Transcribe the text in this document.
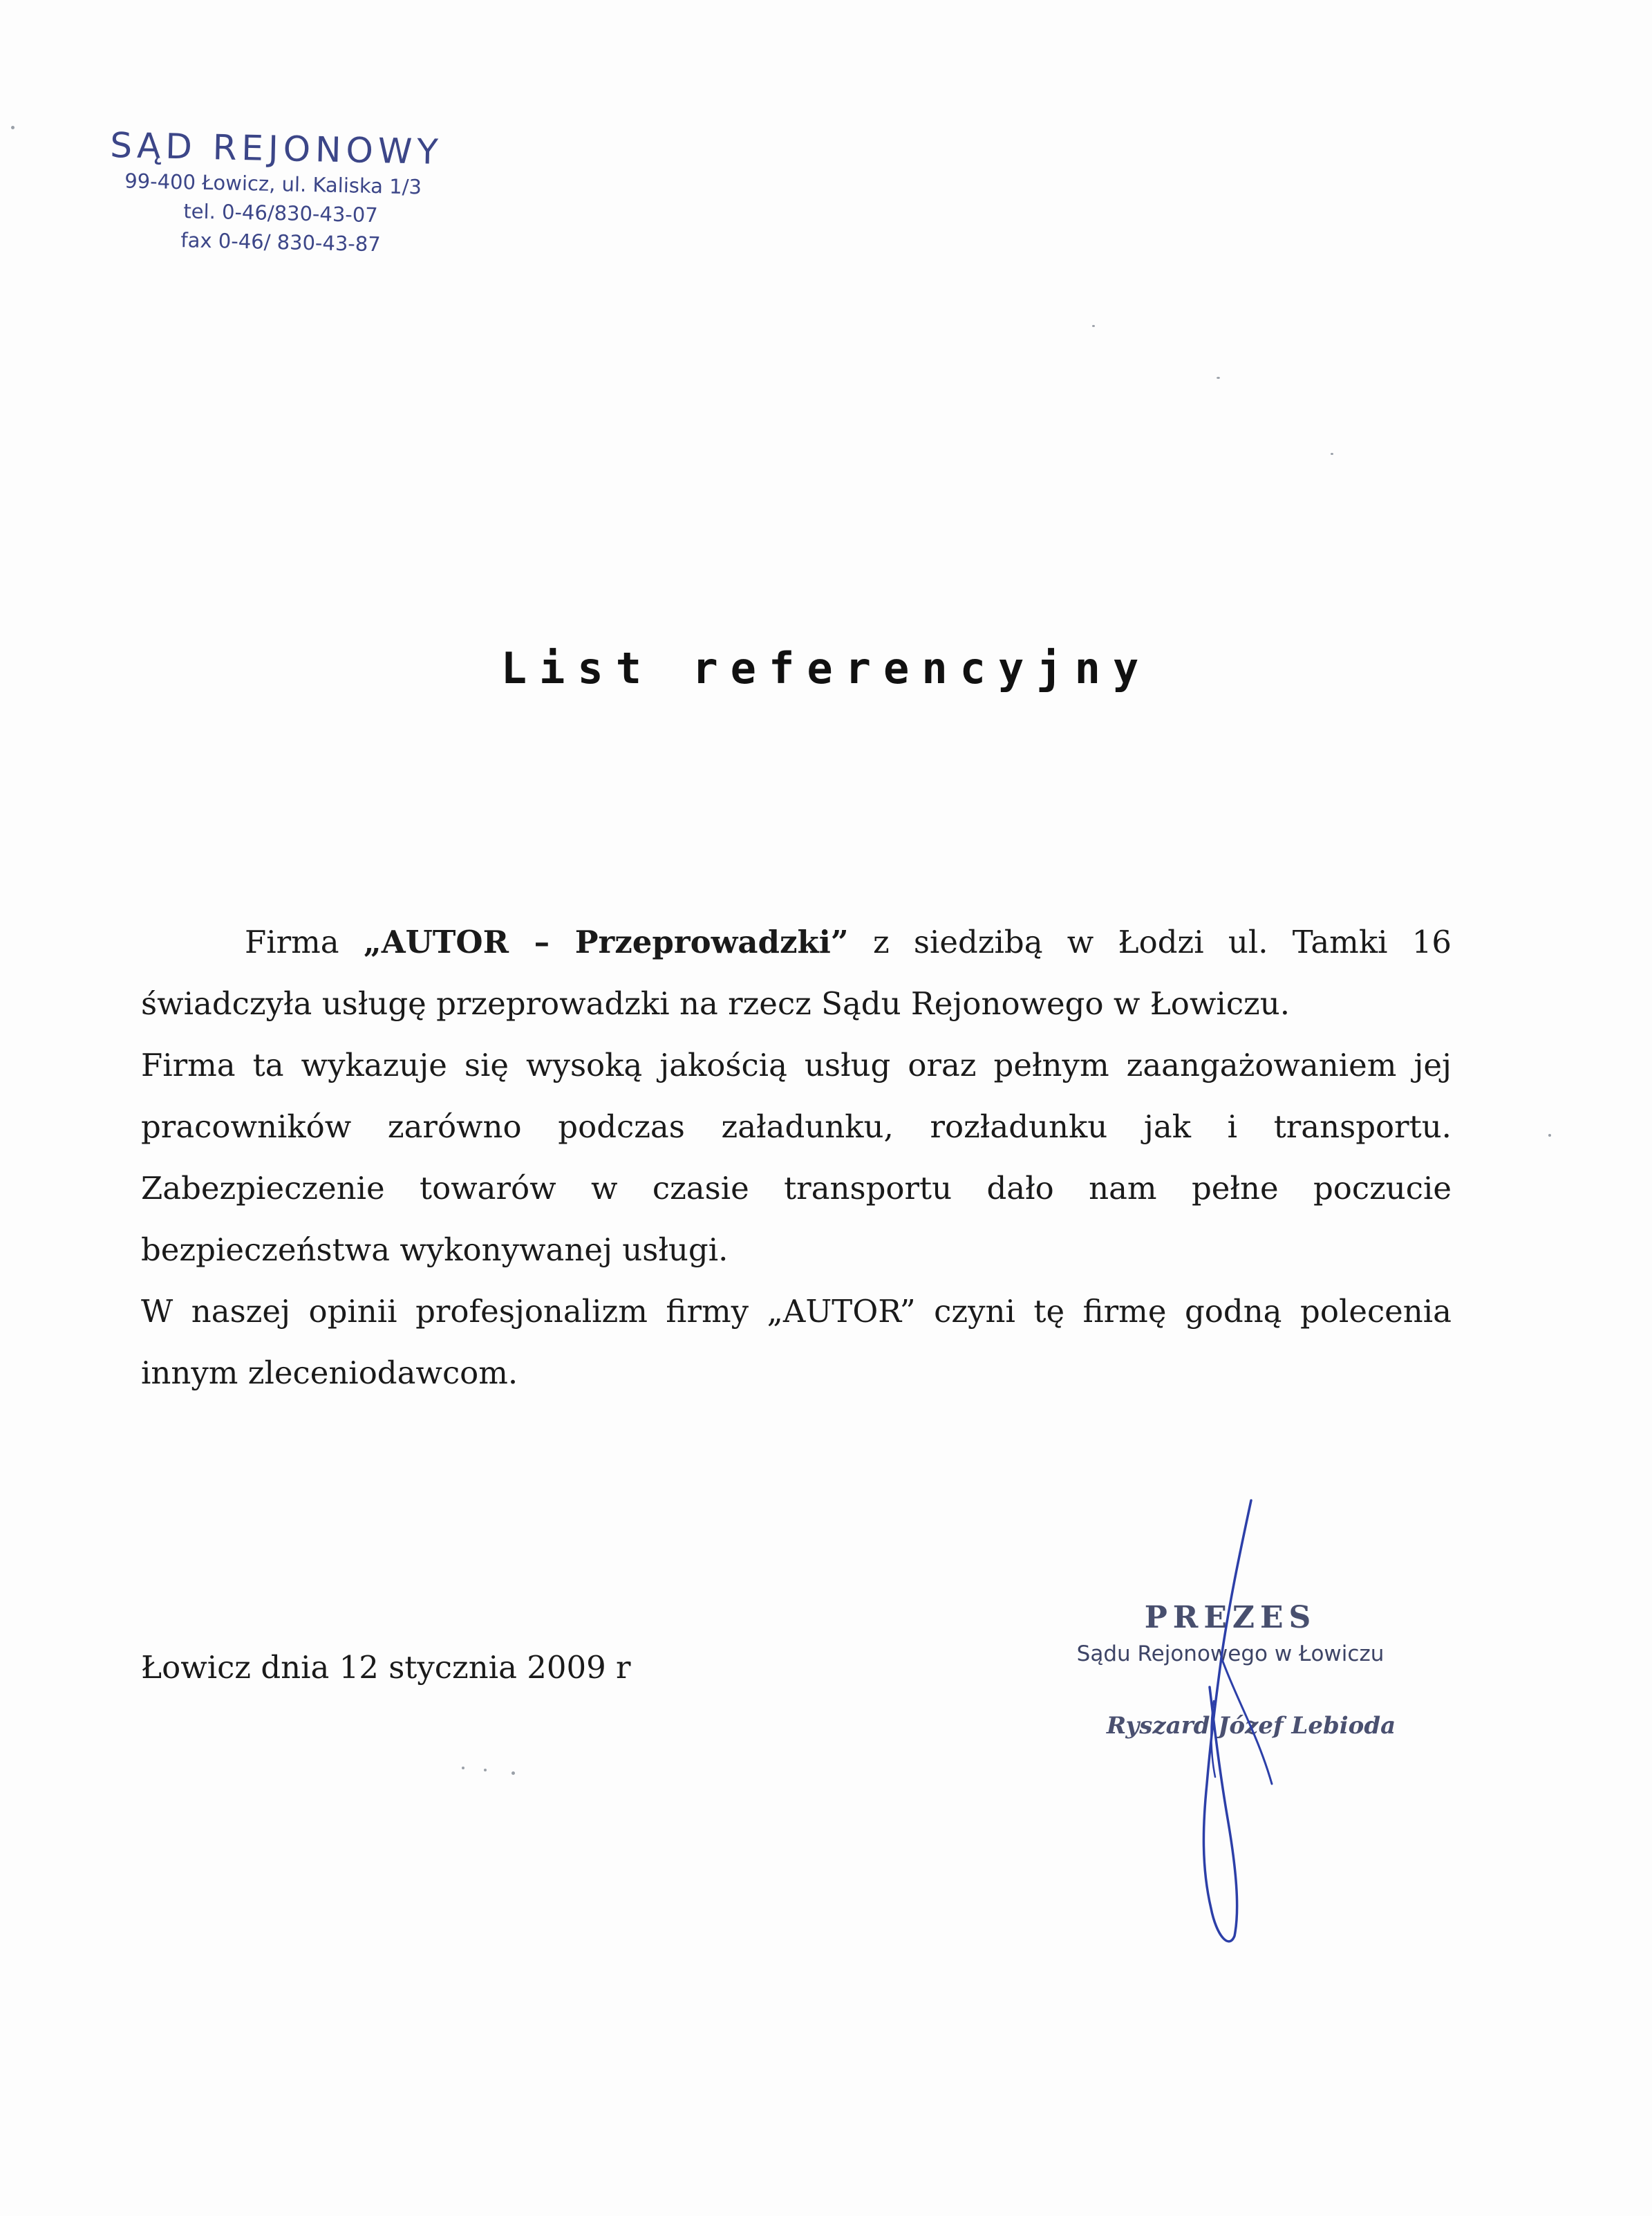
SĄD REJONOWY
99-400 Łowicz, ul. Kaliska 1/3
tel. 0-46/830-43-07
fax 0-46/ 830-43-87
List referencyjny

Firma „AUTOR – Przeprowadzki” z siedzibą w Łodzi ul. Tamki 16 świadczyła usługę przeprowadzki na rzecz Sądu Rejonowego w Łowiczu.

Firma ta wykazuje się wysoką jakością usług oraz pełnym zaangażowaniem jej pracowników zarówno podczas załadunku, rozładunku jak i transportu. Zabezpieczenie towarów w czasie transportu dało nam pełne poczucie bezpieczeństwa wykonywanej usługi.

W naszej opinii profesjonalizm firmy „AUTOR” czyni tę firmę godną polecenia innym zleceniodawcom.

Łowicz dnia 12 stycznia 2009 r
PREZES
Sądu Rejonowego w Łowiczu
Ryszard Józef Lebioda
